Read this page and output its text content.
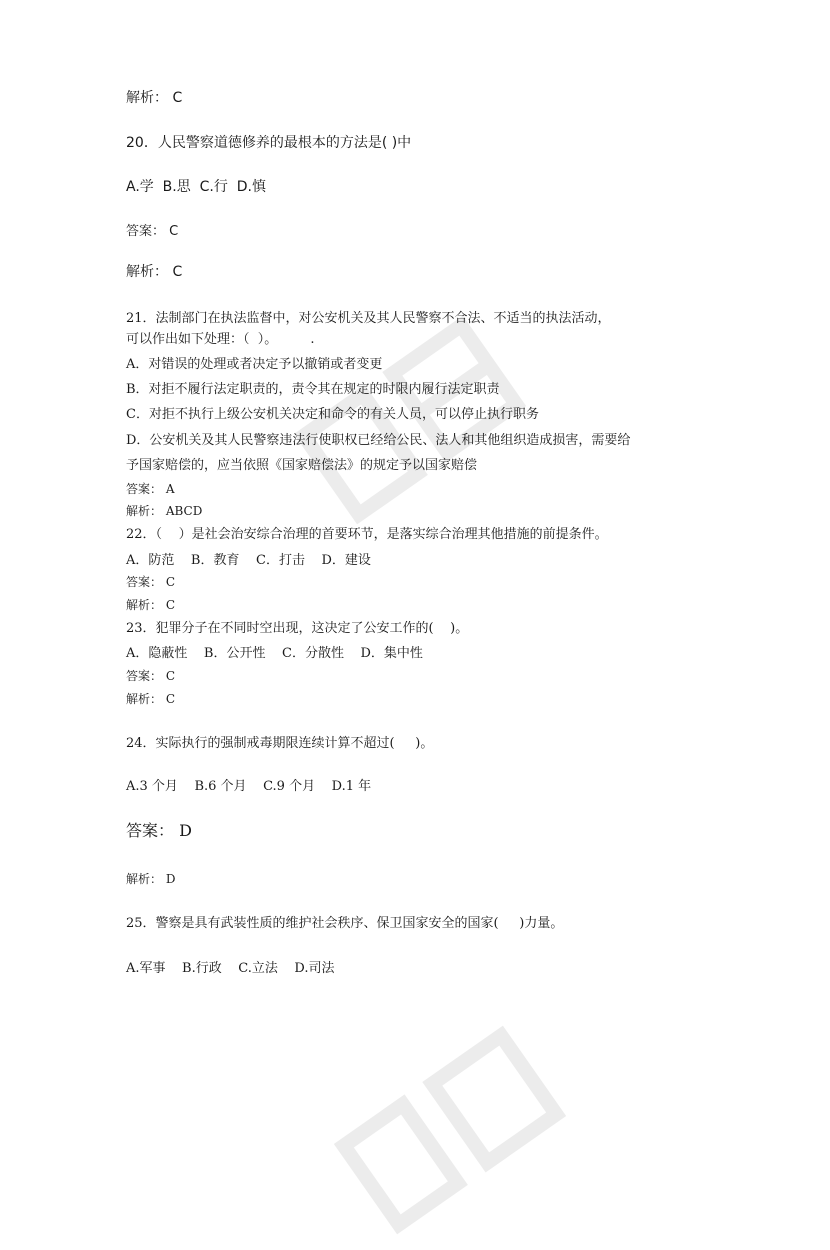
解析： C
20．人民警察道德修养的最根本的方法是( )中
A.学  B.思  C.行  D.慎
答案： C
解析： C
21．法制部门在执法监督中，对公安机关及其人民警察不合法、不适当的执法活动，
可以作出如下处理：（  ）。        .
A．对错误的处理或者决定予以撤销或者变更
B．对拒不履行法定职责的，责令其在规定的时限内履行法定职责
C．对拒不执行上级公安机关决定和命令的有关人员，可以停止执行职务
D．公安机关及其人民警察违法行使职权已经给公民、法人和其他组织造成损害，需要给
予国家赔偿的，应当依照《国家赔偿法》的规定予以国家赔偿
答案： A
解析： ABCD
22．（    ）是社会治安综合治理的首要环节，是落实综合治理其他措施的前提条件。
A．防范    B．教育    C．打击    D．建设
答案： C
解析： C
23．犯罪分子在不同时空出现，这决定了公安工作的(    )。
A．隐蔽性    B．公开性    C．分散性    D．集中性
答案： C
解析： C
24．实际执行的强制戒毒期限连续计算不超过(     )。
A.3 个月    B.6 个月    C.9 个月    D.1 年
答案： D
解析： D
25．警察是具有武装性质的维护社会秩序、保卫国家安全的国家(     )力量。
A.军事    B.行政    C.立法    D.司法
